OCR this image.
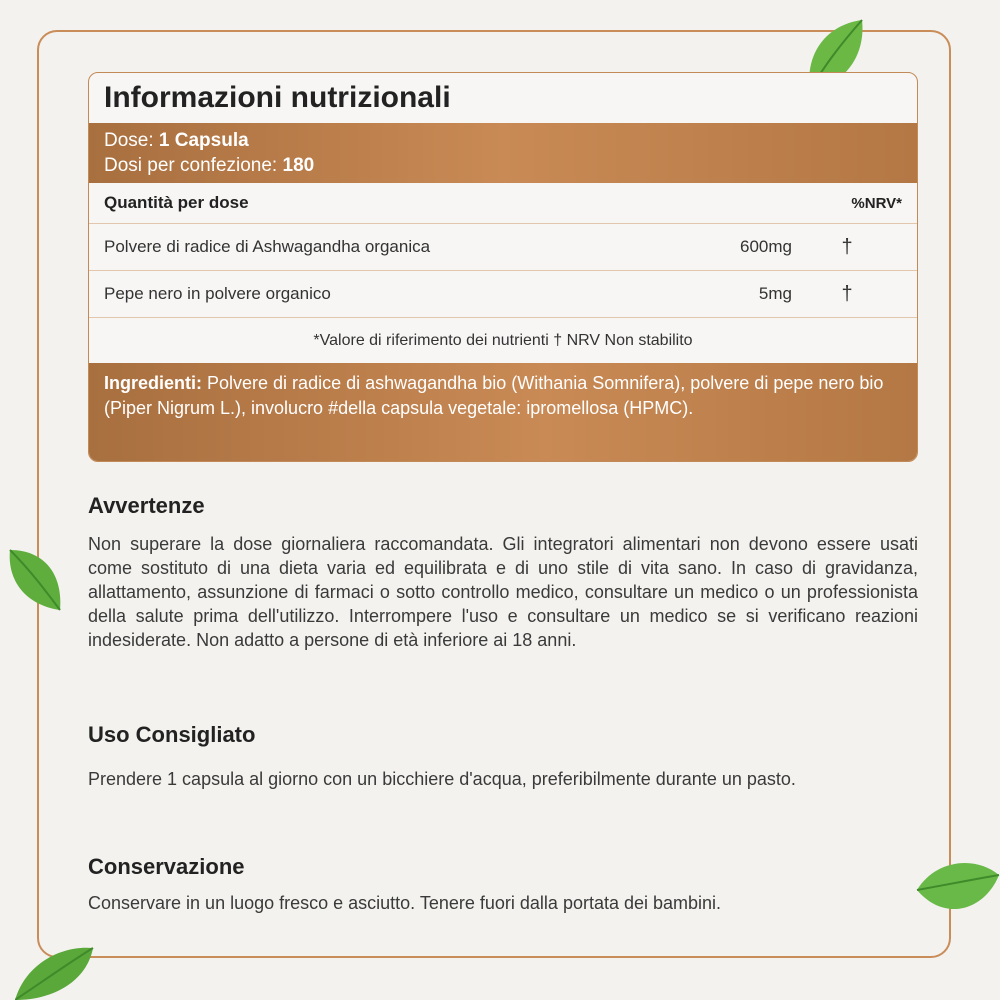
Informazioni nutrizionali
Dose: 1 Capsula
Dosi per confezione: 180
Quantità per dose	%NRV*
Polvere di radice di Ashwagandha organica	600mg	†
Pepe nero in polvere organico	5mg	†
*Valore di riferimento dei nutrienti † NRV Non stabilito
Ingredienti: Polvere di radice di ashwagandha bio (Withania Somnifera), polvere di pepe nero bio (Piper Nigrum L.), involucro #della capsula vegetale: ipromellosa (HPMC).
Avvertenze

Non superare la dose giornaliera raccomandata. Gli integratori alimentari non devono essere usati come sostituto di una dieta varia ed equilibrata e di uno stile di vita sano. In caso di gravidanza, allattamento, assunzione di farmaci o sotto controllo medico, consultare un medico o un professionista della salute prima dell'utilizzo. Interrompere l'uso e consultare un medico se si verificano reazioni indesiderate. Non adatto a persone di età inferiore ai 18 anni.

Uso Consigliato

Prendere 1 capsula al giorno con un bicchiere d'acqua, preferibilmente durante un pasto.

Conservazione

Conservare in un luogo fresco e asciutto. Tenere fuori dalla portata dei bambini.
